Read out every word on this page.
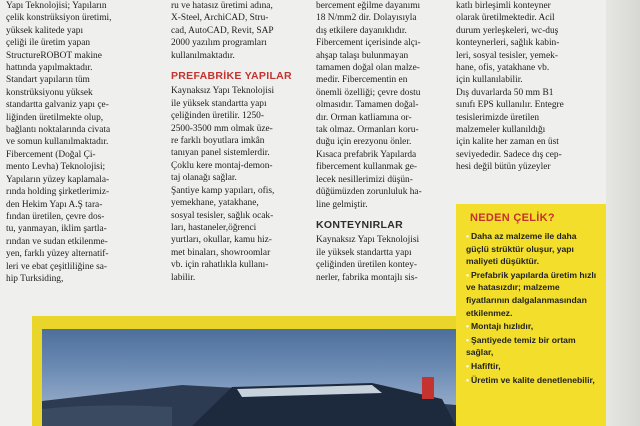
Yapı Teknolojisi; Yapıların

çelik konstrüksiyon üretimi,

yüksek kalitede yapı

çeliği ile üretim yapan

StructureROBOT makine

hattında yapılmaktadır.

Standart yapıların tüm

konstrüksiyonu yüksek

standartta galvaniz yapı çe-

liğinden üretilmekte olup,

bağlantı noktalarında civata

ve somun kullanılmaktadır.

Fibercement (Doğal Çi-

mento Levha) Teknolojisi;

Yapıların yüzey kaplamala-

rında holding şirketlerimiz-

den Hekim Yapı A.Ş tara-

fından üretilen, çevre dos-

tu, yanmayan, iklim şartla-

rından ve sudan etkilenme-

yen, farklı yüzey alternatif-

leri ve ebat çeşitliliğine sa-

hip Turksiding,

ru ve hatasız üretimi adına,

X-Steel, ArchiCAD, Stru-

cad, AutoCAD, Revit, SAP

2000 yazılım programları

kullanılmaktadır.

PREFABRİKE YAPILAR

Kaynaksız Yapı Teknolojisi

ile yüksek standartta yapı

çeliğinden üretilir. 1250-

2500-3500 mm olmak üze-

re farklı boyutlara imkân

tanıyan panel sistemlerdir.

Çoklu kere montaj-demon-

taj olanağı sağlar.

Şantiye kamp yapıları, ofis,

yemekhane, yatakhane,

sosyal tesisler, sağlık ocak-

ları, hastaneler,öğrenci

yurtları, okullar, kamu hiz-

met binaları, showroomlar

vb. için rahatlıkla kullanı-

labilir.

bercement eğilme dayanımı

18 N/mm2 dir. Dolayısıyla

dış etkilere dayanıklıdır.

Fibercement içerisinde alçı-

ahşap talaşı bulunmayan

tamamen doğal olan malze-

medir. Fibercementin en

önemli özelliği; çevre dostu

olmasıdır. Tamamen doğal-

dır. Orman katliamına or-

tak olmaz. Ormanları koru-

duğu için erezyonu önler.

Kısaca prefabrik Yapılarda

fibercement kullanmak ge-

lecek nesillerimizi düşün-

düğümüzden zorunluluk ha-

line gelmiştir.

KONTEYNIRLAR

Kaynaksız Yapı Teknolojisi

ile yüksek standartta yapı

çeliğinden üretilen kontey-

nerler, fabrika montajlı sis-

katlı birleşimli konteyner

olarak üretilmektedir. Acil

durum yerleşkeleri, wc-duş

konteynerleri, sağlık kabin-

leri, sosyal tesisler, yemek-

hane, ofis, yatakhane vb.

için kullanılabilir.

Dış duvarlarda 50 mm B1

sınıfı EPS kullanılır. Entegre

tesislerimizde üretilen

malzemeler kullanıldığı

için kalite her zaman en üst

seviyededir. Sadece dış cep-

hesi değil bütün yüzeyler

NEDEN ÇELİK?
• Daha az malzeme ile daha güçlü strüktür oluşur, yapı maliyeti düşüktür.
• Prefabrik yapılarda üretim hızlı ve hatasızdır; malzeme fiyatlarının dalgalanmasından etkilenmez.
• Montajı hızlıdır,
• Şantiyede temiz bir ortam sağlar,
• Hafiftir,
• Üretim ve kalite denetlenebilir,
